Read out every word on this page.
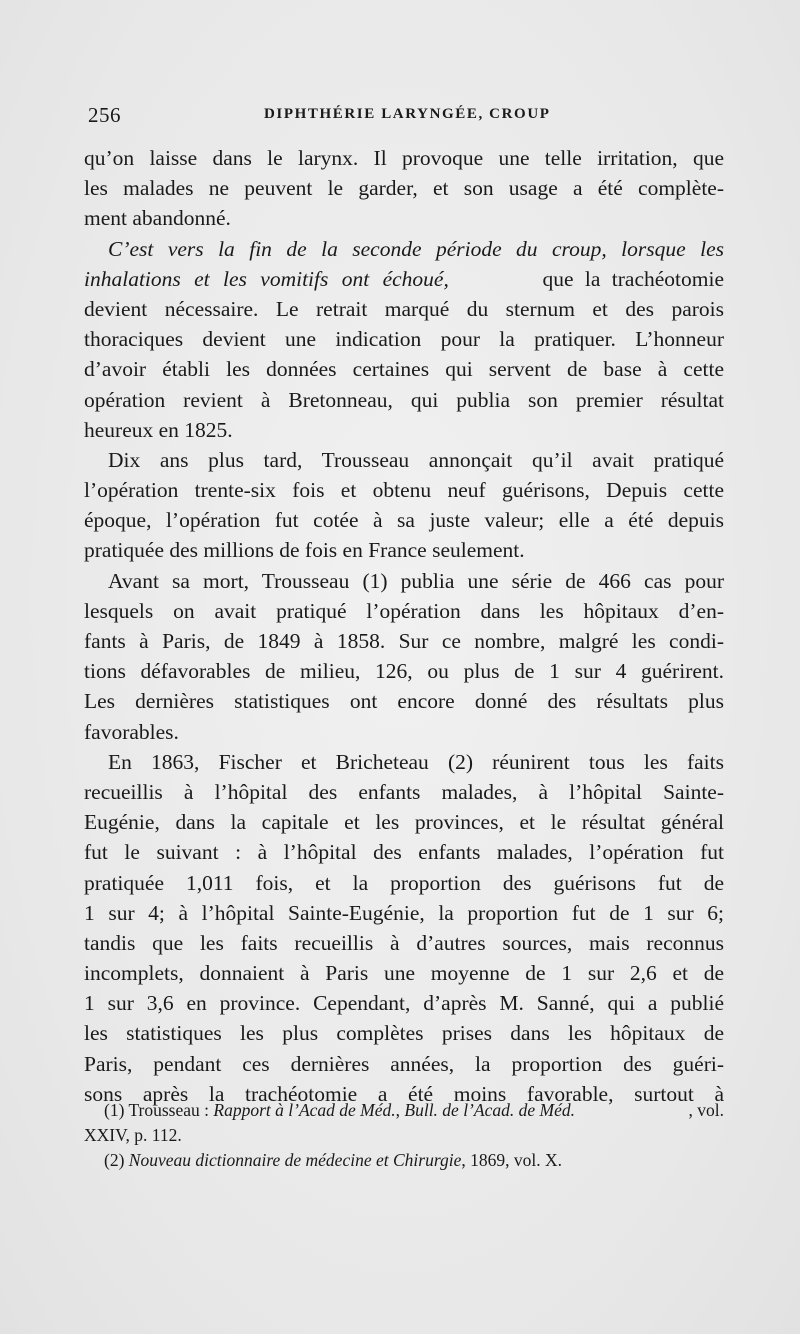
256	DIPHTHÉRIE LARYNGÉE, CROUP
qu’on laisse dans le larynx. Il provoque une telle irritation, que
les malades ne peuvent le garder, et son usage a été complète-
ment abandonné.
C’est vers la fin de la seconde période du croup, lorsque les
inhalations et les vomitifs ont échoué,	que la trachéotomie
devient nécessaire. Le retrait marqué du sternum et des parois
thoraciques devient une indication pour la pratiquer. L’honneur
d’avoir établi les données certaines qui servent de base à cette
opération revient à Bretonneau, qui publia son premier résultat
heureux en 1825.
Dix ans plus tard, Trousseau annonçait qu’il avait pratiqué
l’opération trente-six fois et obtenu neuf guérisons, Depuis cette
époque, l’opération fut cotée à sa juste valeur; elle a été depuis
pratiquée des millions de fois en France seulement.
Avant sa mort, Trousseau (1) publia une série de 466 cas pour
lesquels on avait pratiqué l’opération dans les hôpitaux d’en-
fants à Paris, de 1849 à 1858. Sur ce nombre, malgré les condi-
tions défavorables de milieu, 126, ou plus de 1 sur 4 guérirent.
Les dernières statistiques ont encore donné des résultats plus
favorables.
En 1863, Fischer et Bricheteau (2) réunirent tous les faits
recueillis à l’hôpital des enfants malades, à l’hôpital Sainte-
Eugénie, dans la capitale et les provinces, et le résultat général
fut le suivant : à l’hôpital des enfants malades, l’opération fut
pratiquée 1,011 fois, et la proportion des guérisons fut de
1 sur 4; à l’hôpital Sainte-Eugénie, la proportion fut de 1 sur 6;
tandis que les faits recueillis à d’autres sources, mais reconnus
incomplets, donnaient à Paris une moyenne de 1 sur 2,6 et de
1 sur 3,6 en province. Cependant, d’après M. Sanné, qui a publié
les statistiques les plus complètes prises dans les hôpitaux de
Paris, pendant ces dernières années, la proportion des guéri-
sons après la trachéotomie a été moins favorable, surtout à
(1) Trousseau : Rapport à l’Acad de Méd., Bull. de l’Acad. de Méd.	, vol.
XXIV, p. 112.
(2) Nouveau dictionnaire de médecine et Chirurgie, 1869, vol. X.
